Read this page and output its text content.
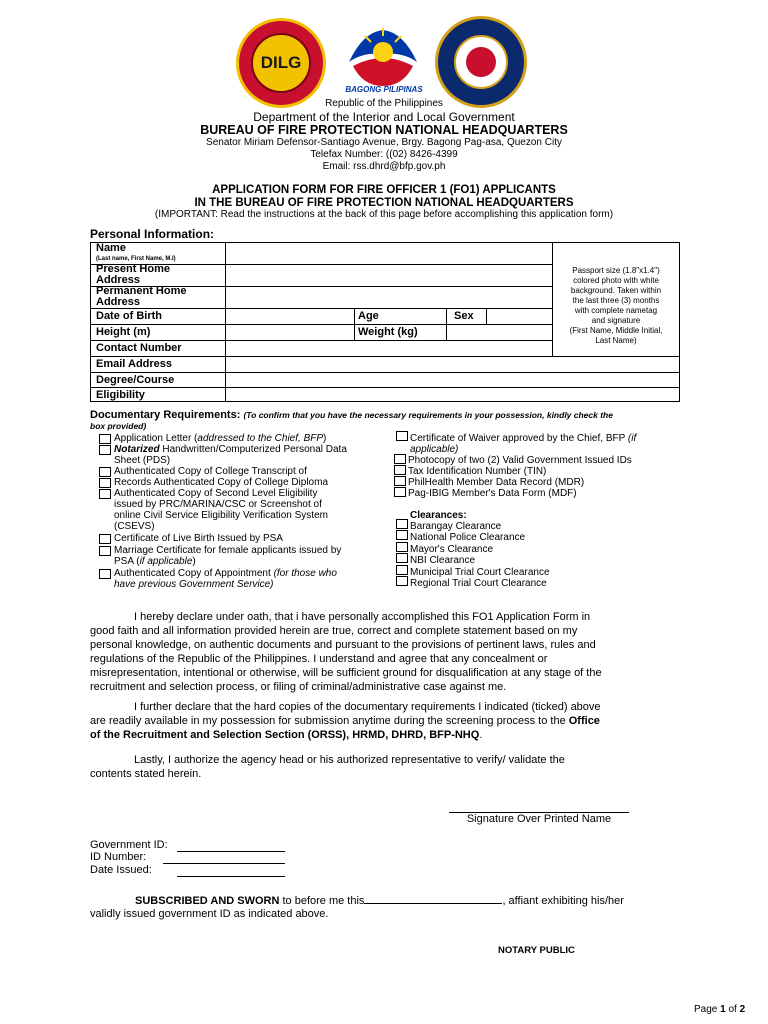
DILG
BAGONG PILIPINAS
Republic of the Philippines
Department of the Interior and Local Government
BUREAU OF FIRE PROTECTION NATIONAL HEADQUARTERS
Senator Miriam Defensor-Santiago Avenue, Brgy. Bagong Pag-asa, Quezon City
Telefax Number: ((02) 8426-4399
Email: rss.dhrd@bfp.gov.ph
APPLICATION FORM FOR FIRE OFFICER 1 (FO1) APPLICANTS
IN THE BUREAU OF FIRE PROTECTION NATIONAL HEADQUARTERS
(IMPORTANT: Read the instructions at the back of this page before accomplishing this application form)
Personal Information:
Name
(Last name, First Name, M.I)
Present Home
Address
Permanent Home
Address
Date of Birth	Age	Sex
Height (m)	Weight (kg)
Contact Number
Email Address
Degree/Course
Eligibility
Passport size (1.8"x1.4")
colored photo with white
background. Taken within
the last three (3) months
with complete nametag
and signature
(First Name, Middle Initial,
Last Name)
Documentary Requirements: (To confirm that you have the necessary requirements in your possession, kindly check the
box provided)
Application Letter (addressed to the Chief, BFP)
Notarized Handwritten/Computerized Personal Data
Sheet (PDS)
Authenticated Copy of College Transcript of
Records Authenticated Copy of College Diploma
Authenticated Copy of Second Level Eligibility
issued by PRC/MARINA/CSC or Screenshot of
online Civil Service Eligibility Verification System
(CSEVS)
Certificate of Live Birth Issued by PSA
Marriage Certificate for female applicants issued by
PSA (if applicable)
Authenticated Copy of Appointment (for those who
have previous Government Service)
Certificate of Waiver approved by the Chief, BFP (if
applicable)
Photocopy of two (2) Valid Government Issued IDs
Tax Identification Number (TIN)
PhilHealth Member Data Record (MDR)
Pag-IBIG Member's Data Form (MDF)
Clearances:
Barangay Clearance
National Police Clearance
Mayor's Clearance
NBI Clearance
Municipal Trial Court Clearance
Regional Trial Court Clearance
I hereby declare under oath, that i have personally accomplished this FO1 Application Form in
good faith and all information provided herein are true, correct and complete statement based on my
personal knowledge, on authentic documents and pursuant to the provisions of pertinent laws, rules and
regulations of the Republic of the Philippines. I understand and agree that any concealment or
misrepresentation, intentional or otherwise, will be sufficient ground for disqualification at any stage of the
recruitment and selection process, or filing of criminal/administrative case against me.
I further declare that the hard copies of the documentary requirements I indicated (ticked) above
are readily available in my possession for submission anytime during the screening process to the Office
of the Recruitment and Selection Section (ORSS), HRMD, DHRD, BFP-NHQ.
Lastly, I authorize the agency head or his authorized representative to verify/ validate the
contents stated herein.
Signature Over Printed Name
Government ID:
ID Number:
Date Issued:
SUBSCRIBED AND SWORN to before me this	, affiant exhibiting his/her
validly issued government ID as indicated above.
NOTARY PUBLIC
Page 1 of 2
